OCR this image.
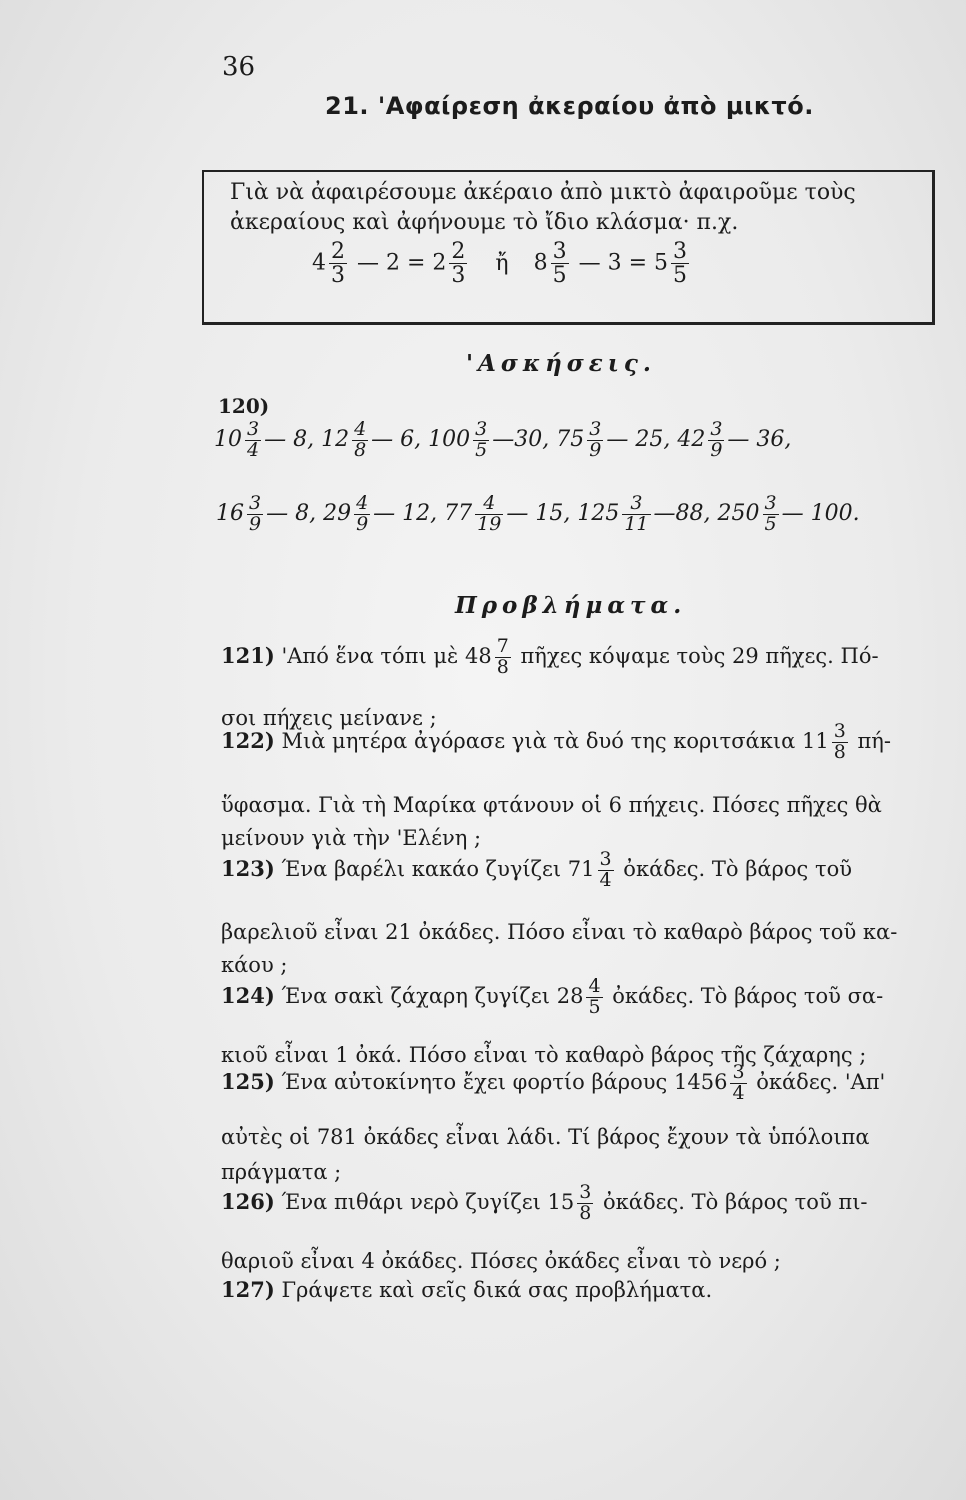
36
21. 'Αφαίρεση ἀκεραίου ἀπὸ μικτό.
Γιὰ νὰ ἀφαιρέσουμε ἀκέραιο ἀπὸ μικτὸ ἀφαιροῦμε τοὺς
ἀκεραίους καὶ ἀφήνουμε τὸ ἴδιο κλάσμα· π.χ.
$4 \frac{2}{3}$ — $2 = 2 \frac{2}{3}$ ἤ $8 \frac{3}{5}$ — $3 = 5 \frac{3}{5}$
'Ασκήσεις.
120)
$10 \frac{3}{4}$ — 8, $12 \frac{4}{8}$ — 6, $100 \frac{3}{5}$ —30, $75 \frac{3}{9}$ — 25, $42 \frac{3}{9}$ — 36,
$16 \frac{3}{9}$ — 8, $29 \frac{4}{9}$ — 12, $77 \frac{4}{19}$ — 15, $125 \frac{3}{11}$ —88, $250 \frac{3}{5}$ — 100.
Προβλήματα.
121) 'Από ἕνα τόπι μὲ $48 \frac{7}{8}$ πῆχες κόψαμε τοὺς 29 πῆχες. Πό-
σοι πήχεις μείνανε ;
122) Μιὰ μητέρα ἀγόρασε γιὰ τὰ δυό της κοριτσάκια $11 \frac{3}{8} \pi ή-$
ὕφασμα. Γιὰ τὴ Μαρίκα φτάνουν οἱ 6 πήχεις. Πόσες πῆχες θὰ
μείνουν γιὰ τὴν 'Ελένη ;
123) Ένα βαρέλι κακάο ζυγίζει $71 \frac{3}{4}$ ὀκάδες. Τὸ βάρος τοῦ
βαρελιοῦ εἶναι 21 ὀκάδες. Πόσο εἶναι τὸ καθαρὸ βάρος τοῦ κα-
κάου ;
124) Ένα σακὶ ζάχαρη ζυγίζει $28 \frac{4}{5}$ ὀκάδες. Τὸ βάρος τοῦ σα-
κιοῦ εἶναι 1 ὀκά. Πόσο εἶναι τὸ καθαρὸ βάρος τῆς ζάχαρης ;
125) Ένα αὐτοκίνητο ἔχει φορτίο βάρους $1456 \frac{3}{4}$ ὀκάδες. 'Απ'
αὐτὲς οἱ 781 ὀκάδες εἶναι λάδι. Τί βάρος ἔχουν τὰ ὑπόλοιπα
πράγματα ;
126) Ένα πιθάρι νερὸ ζυγίζει $15 \frac{3}{8}$ ὀκάδες. Τὸ βάρος τοῦ πι-
θαριοῦ εἶναι 4 ὀκάδες. Πόσες ὀκάδες εἶναι τὸ νερό ;
127) Γράψετε καὶ σεῖς δικά σας προβλήματα.
